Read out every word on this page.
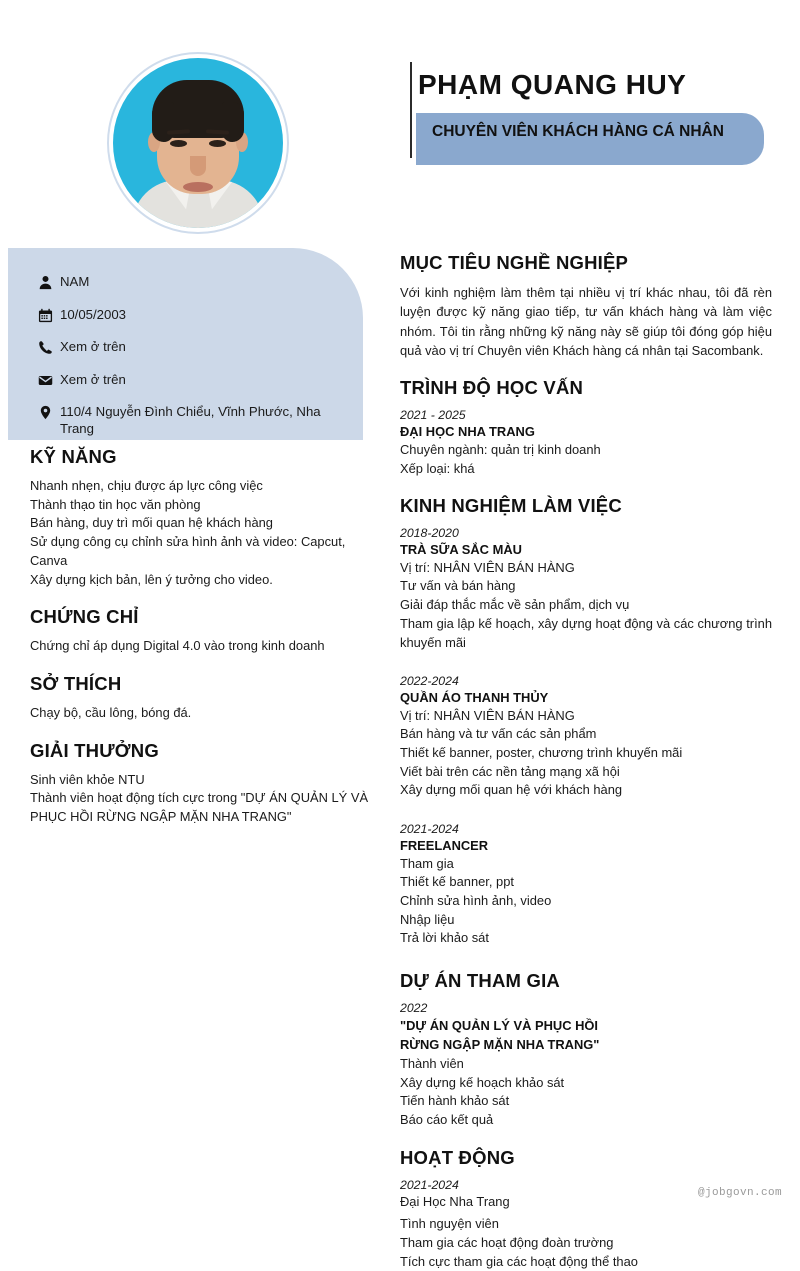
PHẠM QUANG HUY
CHUYÊN VIÊN KHÁCH HÀNG CÁ NHÂN
NAM
10/05/2003
Xem ở trên
Xem ở trên
110/4 Nguyễn Đình Chiểu, Vĩnh Phước, Nha Trang
KỸ NĂNG

Nhanh nhẹn, chịu được áp lực công việc

Thành thạo tin học văn phòng

Bán hàng, duy trì mối quan hệ khách hàng

Sử dụng công cụ chỉnh sửa hình ảnh và video: Capcut, Canva

Xây dựng kịch bản, lên ý tưởng cho video.

CHỨNG CHỈ

Chứng chỉ áp dụng Digital 4.0 vào trong kinh doanh

SỞ THÍCH

Chạy bộ, cầu lông, bóng đá.

GIẢI THƯỞNG

Sinh viên khỏe NTU

Thành viên hoạt động tích cực trong "DỰ ÁN QUẢN LÝ VÀ PHỤC HỒI RỪNG NGẬP MẶN NHA TRANG"

MỤC TIÊU NGHỀ NGHIỆP
Với kinh nghiệm làm thêm tại nhiều vị trí khác nhau, tôi đã rèn luyện được kỹ năng giao tiếp, tư vấn khách hàng và làm việc nhóm. Tôi tin rằng những kỹ năng này sẽ giúp tôi đóng góp hiệu quả vào vị trí Chuyên viên Khách hàng cá nhân tại Sacombank.
TRÌNH ĐỘ HỌC VẤN
2021 - 2025
ĐẠI HỌC NHA TRANG

Chuyên ngành: quản trị kinh doanh

Xếp loại: khá

KINH NGHIỆM LÀM VIỆC
2018-2020
TRÀ SỮA SẮC MÀU

Vị trí: NHÂN VIÊN BÁN HÀNG

Tư vấn và bán hàng

Giải đáp thắc mắc về sản phẩm, dịch vụ

Tham gia lập kế hoạch, xây dựng hoạt động và các chương trình khuyến mãi

2022-2024
QUẦN ÁO THANH THỦY

Vị trí: NHÂN VIÊN BÁN HÀNG

Bán hàng và tư vấn các sản phẩm

Thiết kế banner, poster, chương trình khuyến mãi

Viết bài trên các nền tảng mạng xã hội

Xây dựng mối quan hệ với khách hàng

2021-2024
FREELANCER

Tham gia

Thiết kế banner, ppt

Chỉnh sửa hình ảnh, video

Nhập liệu

Trả lời khảo sát

DỰ ÁN THAM GIA
2022
"DỰ ÁN QUẢN LÝ VÀ PHỤC HỒI RỪNG NGẬP MẶN NHA TRANG"

Thành viên

Xây dựng kế hoạch khảo sát

Tiến hành khảo sát

Báo cáo kết quả

HOẠT ĐỘNG
2021-2024

Đại Học Nha Trang

Tình nguyện viên

Tham gia các hoạt động đoàn trường

Tích cực tham gia các hoạt động thể thao

@jobgovn.com
